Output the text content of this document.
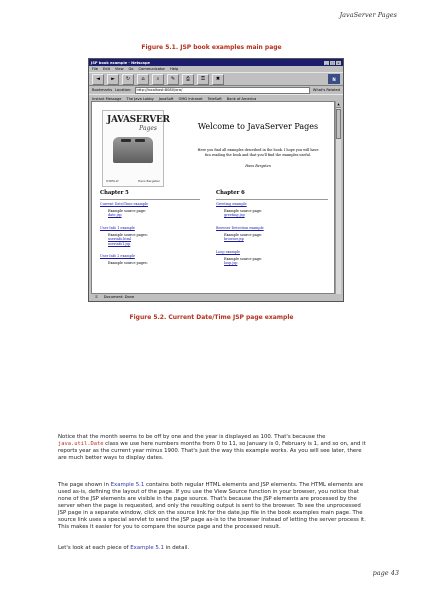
JavaServer Pages
Figure 5.1. JSP book examples main page
JSP book example - Netscape	_	□	×
File Edit View Go Communicator Help
◄	►	↻	⌂	⌕	✎	⎙	⚿	✖	N
Bookmarks Location:	http://localhost:8080/ora/	What's Related
Instant Message The Java Lobby JavaSoft OMG Intranet TeleSoft Bank of America
JAVASERVER
Pages
O'REILLY	Hans Bergsten
Welcome to JavaServer Pages
Here you find all examples described in the book. I hope you will have fun reading the book and that you'll find the examples useful.
Hans Bergsten
Chapter 5	Chapter 6
Current Date/Time example
Example source page:
date.jsp
User Info 1 example
Example source pages:
userinfo.html
userinfo1.jsp
User Info 2 example
Example source pages:
Greeting example
Example source page:
greeting.jsp
Browser Detection example
Example source page:
browser.jsp
Loop example
Example source page:
loop.jsp
▲
⚿ Document: Done
Figure 5.2. Current Date/Time JSP page example

Notice that the month seems to be off by one and the year is displayed as 100. That's because the java.util.Date class we use here numbers months from 0 to 11, so January is 0, February is 1, and so on, and it reports year as the current year minus 1900. That's just the way this example works. As you will see later, there are much better ways to display dates.

The page shown in Example 5.1 contains both regular HTML elements and JSP elements. The HTML elements are used as-is, defining the layout of the page. If you use the View Source function in your browser, you notice that none of the JSP elements are visible in the page source. That's because the JSP elements are processed by the server when the page is requested, and only the resulting output is sent to the browser. To see the unprocessed JSP page in a separate window, click on the source link for the date.jsp file in the book examples main page. The source link uses a special servlet to send the JSP page as-is to the browser instead of letting the server process it. This makes it easier for you to compare the source page and the processed result.

Let's look at each piece of Example 5.1 in detail.

page 43
